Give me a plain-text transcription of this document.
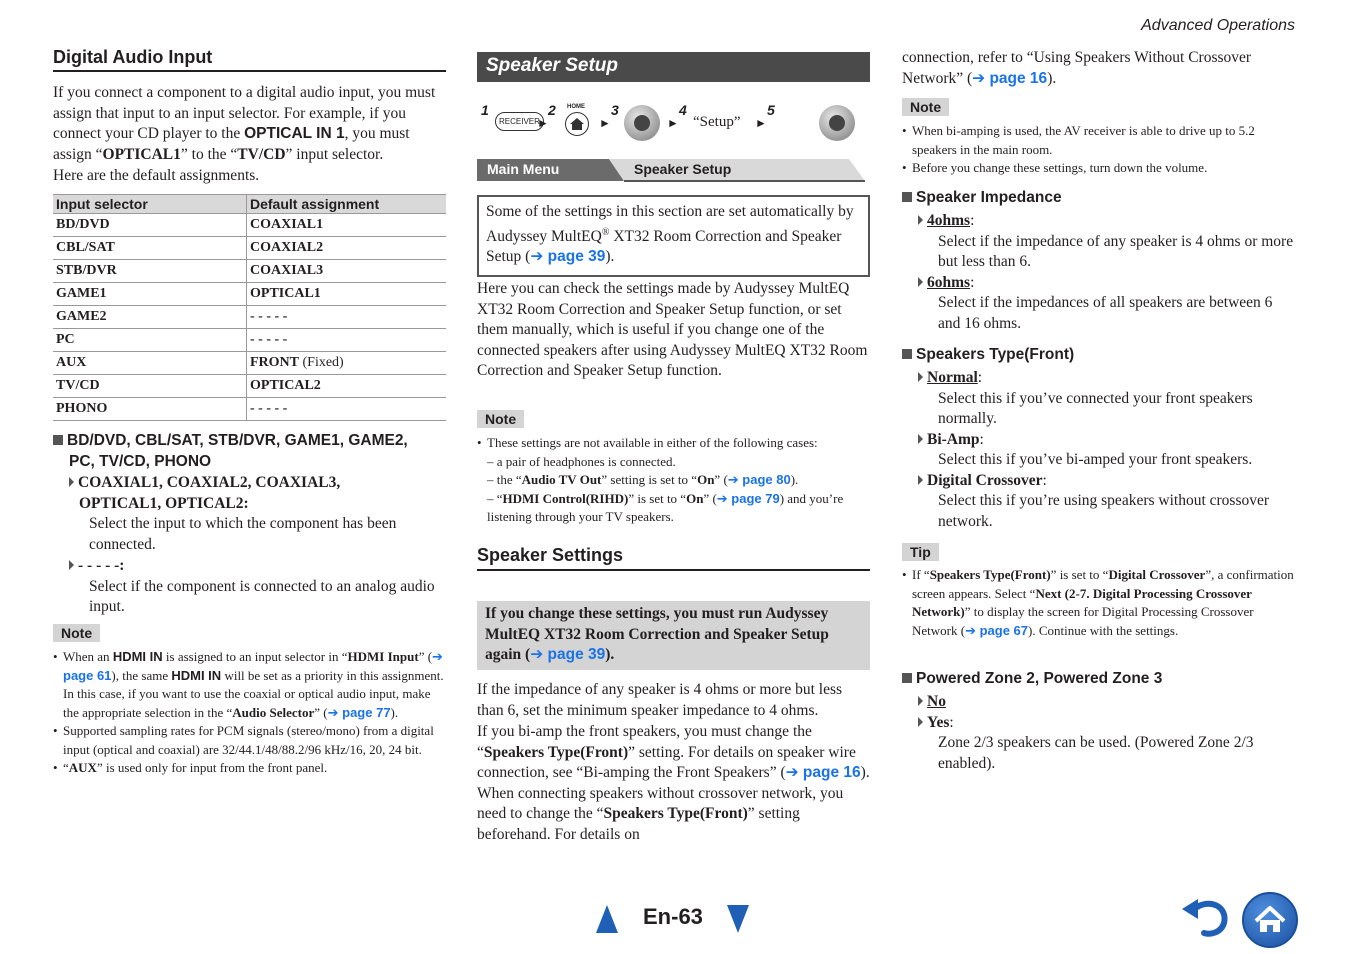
Advanced Operations
Digital Audio Input
If you connect a component to a digital audio input, you must assign that input to an input selector. For example, if you connect your CD player to the OPTICAL IN 1, you must assign “OPTICAL1” to the “TV/CD” input selector.
Here are the default assignments.
Input selector	Default assignment
BD/DVD	COAXIAL1
CBL/SAT	COAXIAL2
STB/DVR	COAXIAL3
GAME1	OPTICAL1
GAME2	- - - - -
PC	- - - - -
AUX	FRONT (Fixed)
TV/CD	OPTICAL2
PHONO	- - - - -
BD/DVD, CBL/SAT, STB/DVR, GAME1, GAME2,
PC, TV/CD, PHONO
COAXIAL1, COAXIAL2, COAXIAL3,
OPTICAL1, OPTICAL2:
Select the input to which the component has been connected.
- - - - -:
Select if the component is connected to an analog audio input.
Note
• When an HDMI IN is assigned to an input selector in “HDMI Input” (➔ page 61), the same HDMI IN will be set as a priority in this assignment. In this case, if you want to use the coaxial or optical audio input, make the appropriate selection in the “Audio Selector” (➔ page 77).
• Supported sampling rates for PCM signals (stereo/mono) from a digital input (optical and coaxial) are 32/44.1/48/88.2/96 kHz/16, 20, 24 bit.
• “AUX” is used only for input from the front panel.
Speaker Setup
1
RECEIVER
►
2 HOME
►
3

►
4
“Setup” ►
5
Main Menu	Speaker Setup
Some of the settings in this section are set automatically by Audyssey MultEQ® XT32 Room Correction and Speaker Setup (➔ page 39).
Here you can check the settings made by Audyssey MultEQ XT32 Room Correction and Speaker Setup function, or set them manually, which is useful if you change one of the connected speakers after using Audyssey MultEQ XT32 Room Correction and Speaker Setup function.
Note
• These settings are not available in either of the following cases:
– a pair of headphones is connected.
– the “Audio TV Out” setting is set to “On” (➔ page 80).
– “HDMI Control(RIHD)” is set to “On” (➔ page 79) and you’re listening through your TV speakers.
Speaker Settings
If you change these settings, you must run Audyssey MultEQ XT32 Room Correction and Speaker Setup again (➔ page 39).
If the impedance of any speaker is 4 ohms or more but less than 6, set the minimum speaker impedance to 4 ohms.
If you bi-amp the front speakers, you must change the “Speakers Type(Front)” setting. For details on speaker wire connection, see “Bi-amping the Front Speakers” (➔ page 16). When connecting speakers without crossover network, you need to change the “Speakers Type(Front)” setting beforehand. For details on
connection, refer to “Using Speakers Without Crossover Network” (➔ page 16).
Note
• When bi-amping is used, the AV receiver is able to drive up to 5.2 speakers in the main room.
• Before you change these settings, turn down the volume.
Speaker Impedance
4ohms:
Select if the impedance of any speaker is 4 ohms or more but less than 6.
6ohms:
Select if the impedances of all speakers are between 6 and 16 ohms.
Speakers Type(Front)
Normal:
Select this if you’ve connected your front speakers normally.
Bi-Amp:
Select this if you’ve bi-amped your front speakers.
Digital Crossover:
Select this if you’re using speakers without crossover network.
Tip
• If “Speakers Type(Front)” is set to “Digital Crossover”, a confirmation screen appears. Select “Next (2-7. Digital Processing Crossover Network)” to display the screen for Digital Processing Crossover Network (➔ page 67). Continue with the settings.
Powered Zone 2, Powered Zone 3
No
Yes:
Zone 2/3 speakers can be used. (Powered Zone 2/3 enabled).
En-63
